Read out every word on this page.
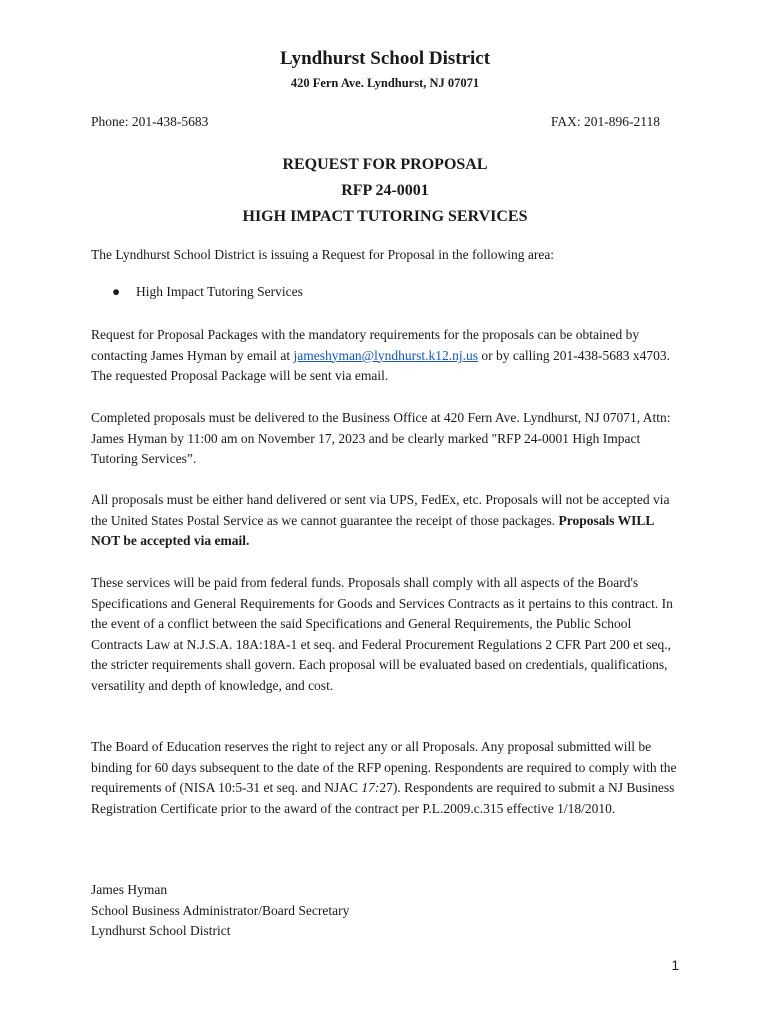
Lyndhurst School District
420 Fern Ave. Lyndhurst, NJ 07071
Phone: 201-438-5683	FAX: 201-896-2118
REQUEST FOR PROPOSAL
RFP 24-0001
HIGH IMPACT TUTORING SERVICES

The Lyndhurst School District is issuing a Request for Proposal in the following area:

● High Impact Tutoring Services

Request for Proposal Packages with the mandatory requirements for the proposals can be obtained by contacting James Hyman by email at jameshyman@lyndhurst.k12.nj.us or by calling 201-438-5683 x4703. The requested Proposal Package will be sent via email.

Completed proposals must be delivered to the Business Office at 420 Fern Ave. Lyndhurst, NJ 07071, Attn: James Hyman by 11:00 am on November 17, 2023 and be clearly marked "RFP 24-0001 High Impact Tutoring Services”.

All proposals must be either hand delivered or sent via UPS, FedEx, etc. Proposals will not be accepted via the United States Postal Service as we cannot guarantee the receipt of those packages. Proposals WILL NOT be accepted via email.

These services will be paid from federal funds. Proposals shall comply with all aspects of the Board's Specifications and General Requirements for Goods and Services Contracts as it pertains to this contract. In the event of a conflict between the said Specifications and General Requirements, the Public School Contracts Law at N.J.S.A. 18A:18A-1 et seq. and Federal Procurement Regulations 2 CFR Part 200 et seq., the stricter requirements shall govern. Each proposal will be evaluated based on credentials, qualifications, versatility and depth of knowledge, and cost.

The Board of Education reserves the right to reject any or all Proposals. Any proposal submitted will be binding for 60 days subsequent to the date of the RFP opening. Respondents are required to comply with the requirements of (NISA 10:5-31 et seq. and NJAC 17:27). Respondents are required to submit a NJ Business Registration Certificate prior to the award of the contract per P.L.2009.c.315 effective 1/18/2010.

James Hyman
School Business Administrator/Board Secretary
Lyndhurst School District
1
